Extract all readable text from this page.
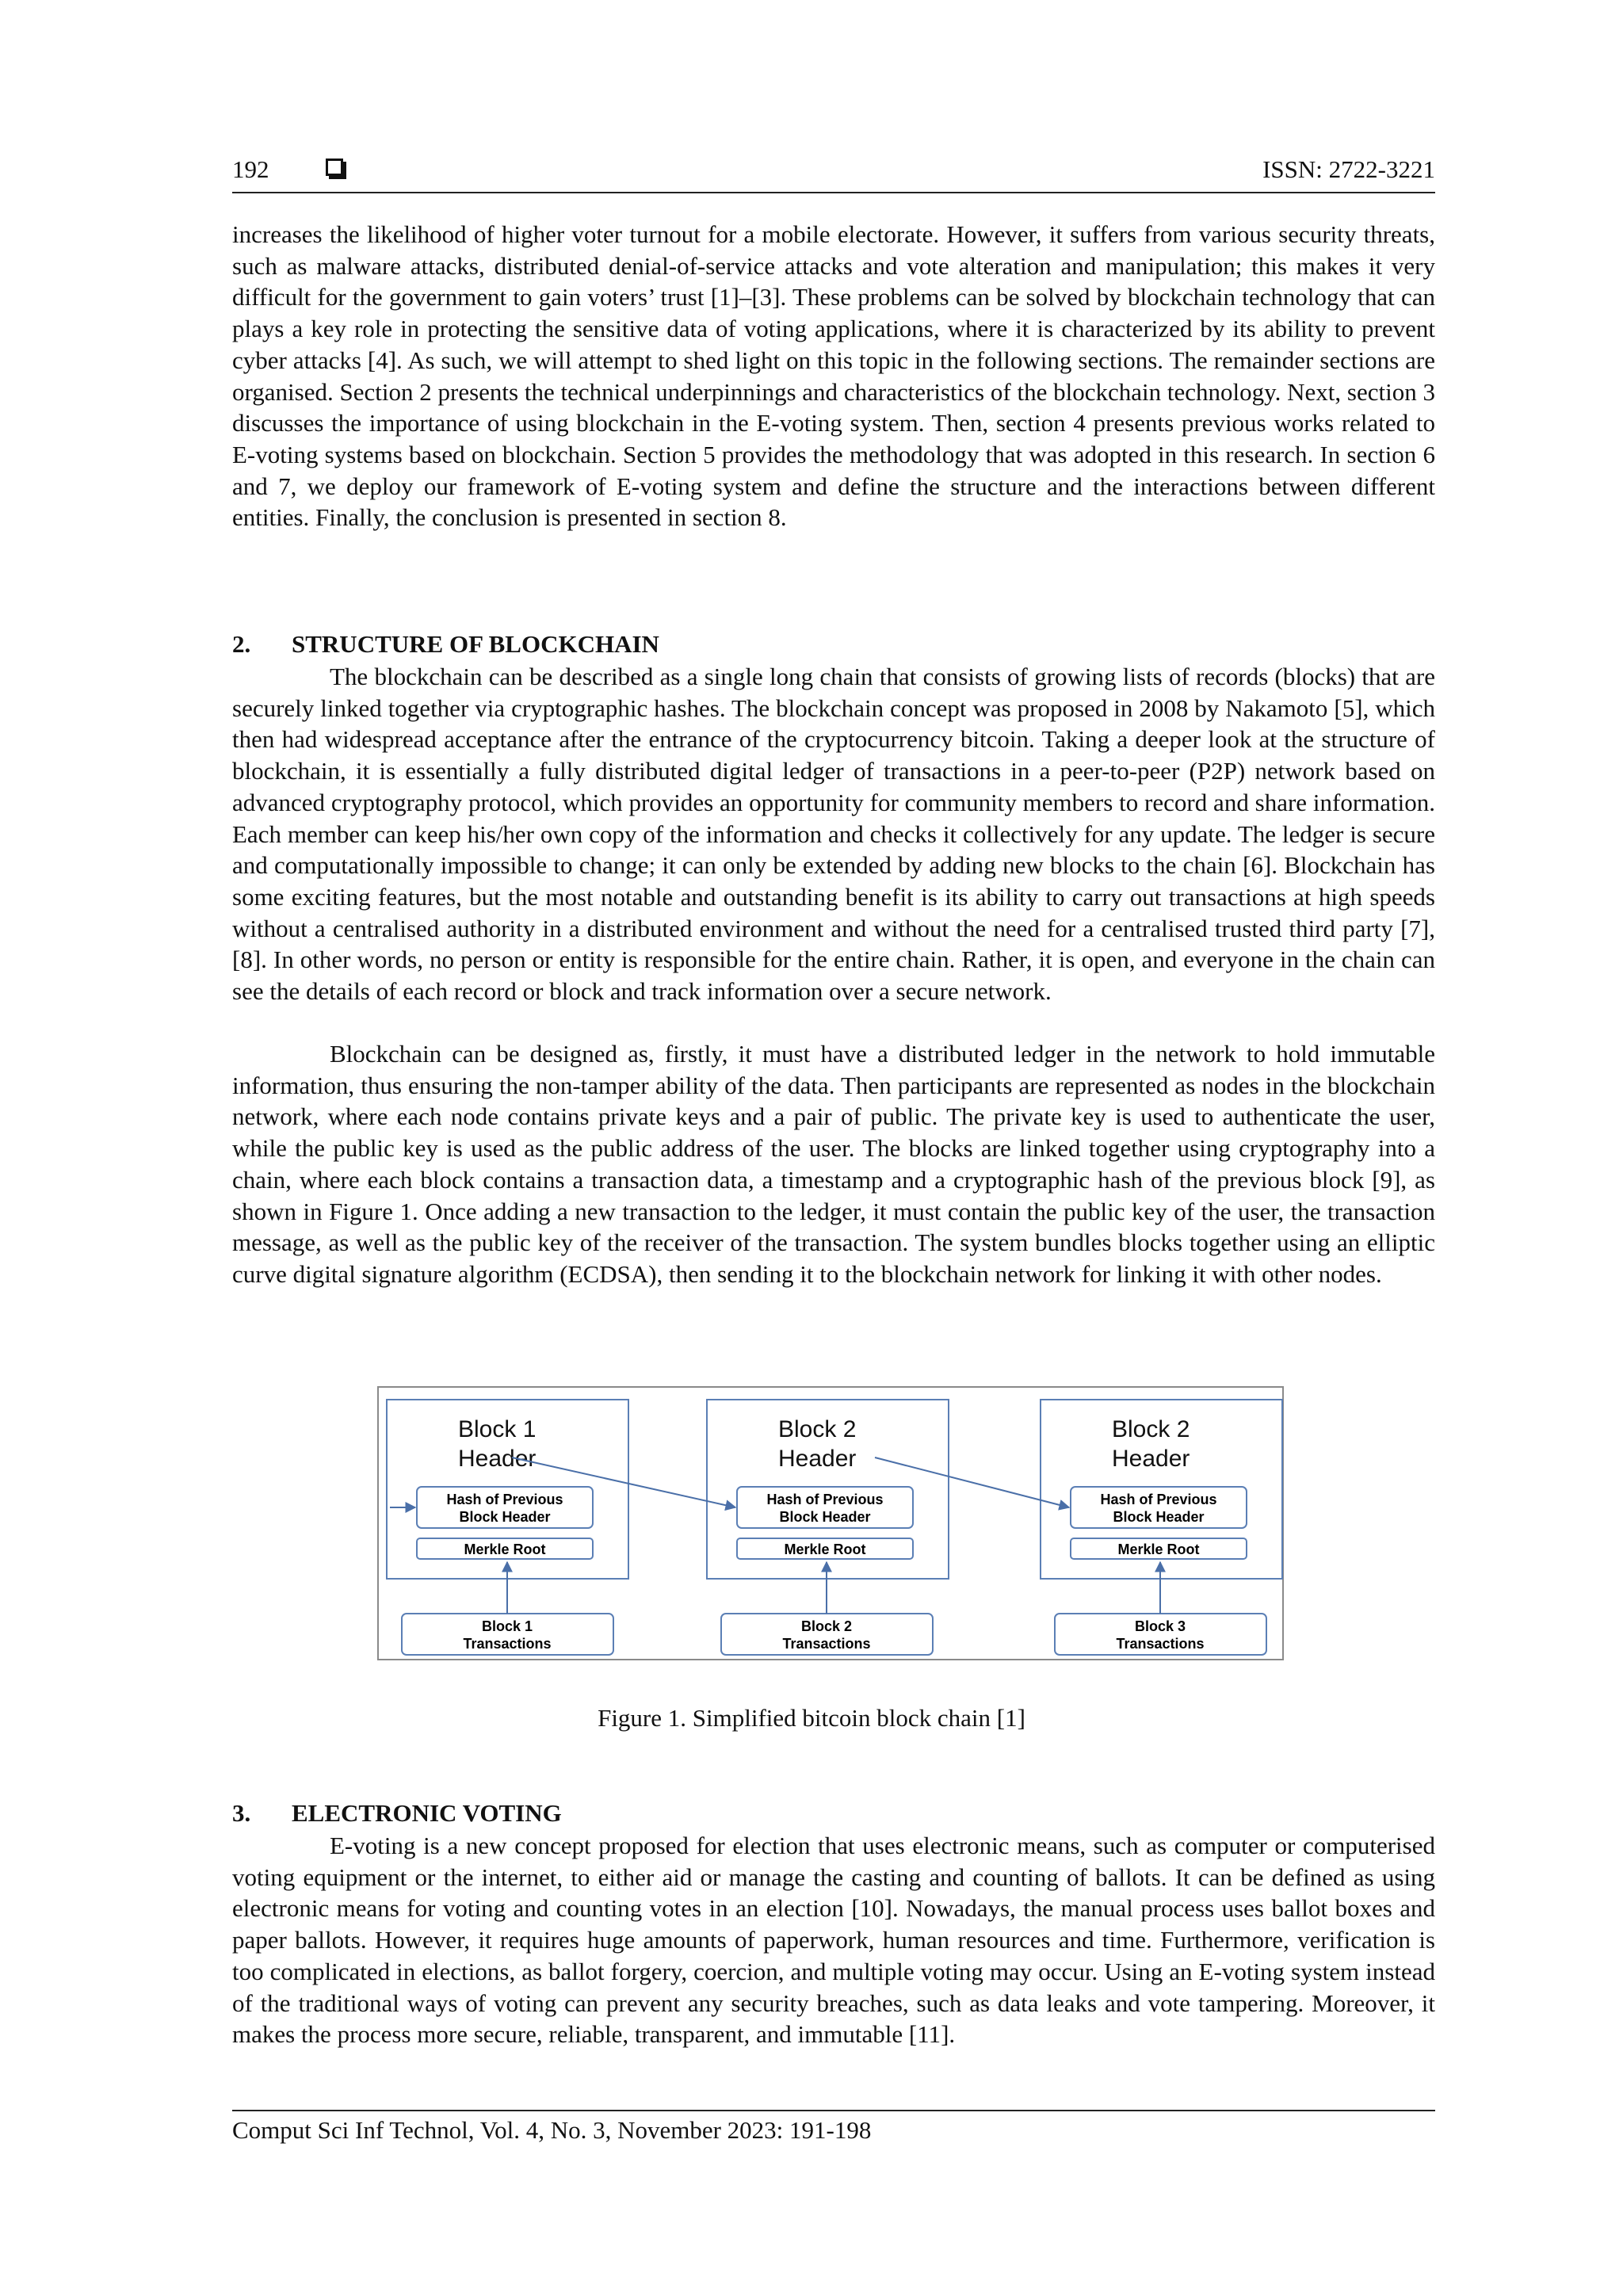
192	ISSN: 2722-3221

increases the likelihood of higher voter turnout for a mobile electorate. However, it suffers from various security threats, such as malware attacks, distributed denial-of-service attacks and vote alteration and manipulation; this makes it very difficult for the government to gain voters’ trust [1]–[3]. These problems can be solved by blockchain technology that can plays a key role in protecting the sensitive data of voting applications, where it is characterized by its ability to prevent cyber attacks [4]. As such, we will attempt to shed light on this topic in the following sections. The remainder sections are organised. Section 2 presents the technical underpinnings and characteristics of the blockchain technology. Next, section 3 discusses the importance of using blockchain in the E-voting system. Then, section 4 presents previous works related to E-voting systems based on blockchain. Section 5 provides the methodology that was adopted in this research. In section 6 and 7, we deploy our framework of E-voting system and define the structure and the interactions between different entities. Finally, the conclusion is presented in section 8.

2. STRUCTURE OF BLOCKCHAIN

The blockchain can be described as a single long chain that consists of growing lists of records (blocks) that are securely linked together via cryptographic hashes. The blockchain concept was proposed in 2008 by Nakamoto [5], which then had widespread acceptance after the entrance of the cryptocurrency bitcoin. Taking a deeper look at the structure of blockchain, it is essentially a fully distributed digital ledger of transactions in a peer-to-peer (P2P) network based on advanced cryptography protocol, which provides an opportunity for community members to record and share information. Each member can keep his/her own copy of the information and checks it collectively for any update. The ledger is secure and computationally impossible to change; it can only be extended by adding new blocks to the chain [6]. Blockchain has some exciting features, but the most notable and outstanding benefit is its ability to carry out transactions at high speeds without a centralised authority in a distributed environment and without the need for a centralised trusted third party [7], [8]. In other words, no person or entity is responsible for the entire chain. Rather, it is open, and everyone in the chain can see the details of each record or block and track information over a secure network.

Blockchain can be designed as, firstly, it must have a distributed ledger in the network to hold immutable information, thus ensuring the non-tamper ability of the data. Then participants are represented as nodes in the blockchain network, where each node contains private keys and a pair of public. The private key is used to authenticate the user, while the public key is used as the public address of the user. The blocks are linked together using cryptography into a chain, where each block contains a transaction data, a timestamp and a cryptographic hash of the previous block [9], as shown in Figure 1. Once adding a new transaction to the ledger, it must contain the public key of the user, the transaction message, as well as the public key of the receiver of the transaction. The system bundles blocks together using an elliptic curve digital signature algorithm (ECDSA), then sending it to the blockchain network for linking it with other nodes.

Block 1
Header
Hash of Previous
Block Header
Merkle Root
Block 1
Transactions
Block 2
Header
Hash of Previous
Block Header
Merkle Root
Block 2
Transactions
Block 2
Header
Hash of Previous
Block Header
Merkle Root
Block 3
Transactions

Figure 1. Simplified bitcoin block chain [1]

3. ELECTRONIC VOTING

E-voting is a new concept proposed for election that uses electronic means, such as computer or computerised voting equipment or the internet, to either aid or manage the casting and counting of ballots. It can be defined as using electronic means for voting and counting votes in an election [10]. Nowadays, the manual process uses ballot boxes and paper ballots. However, it requires huge amounts of paperwork, human resources and time. Furthermore, verification is too complicated in elections, as ballot forgery, coercion, and multiple voting may occur. Using an E-voting system instead of the traditional ways of voting can prevent any security breaches, such as data leaks and vote tampering. Moreover, it makes the process more secure, reliable, transparent, and immutable [11].

Comput Sci Inf Technol, Vol. 4, No. 3, November 2023: 191-198
